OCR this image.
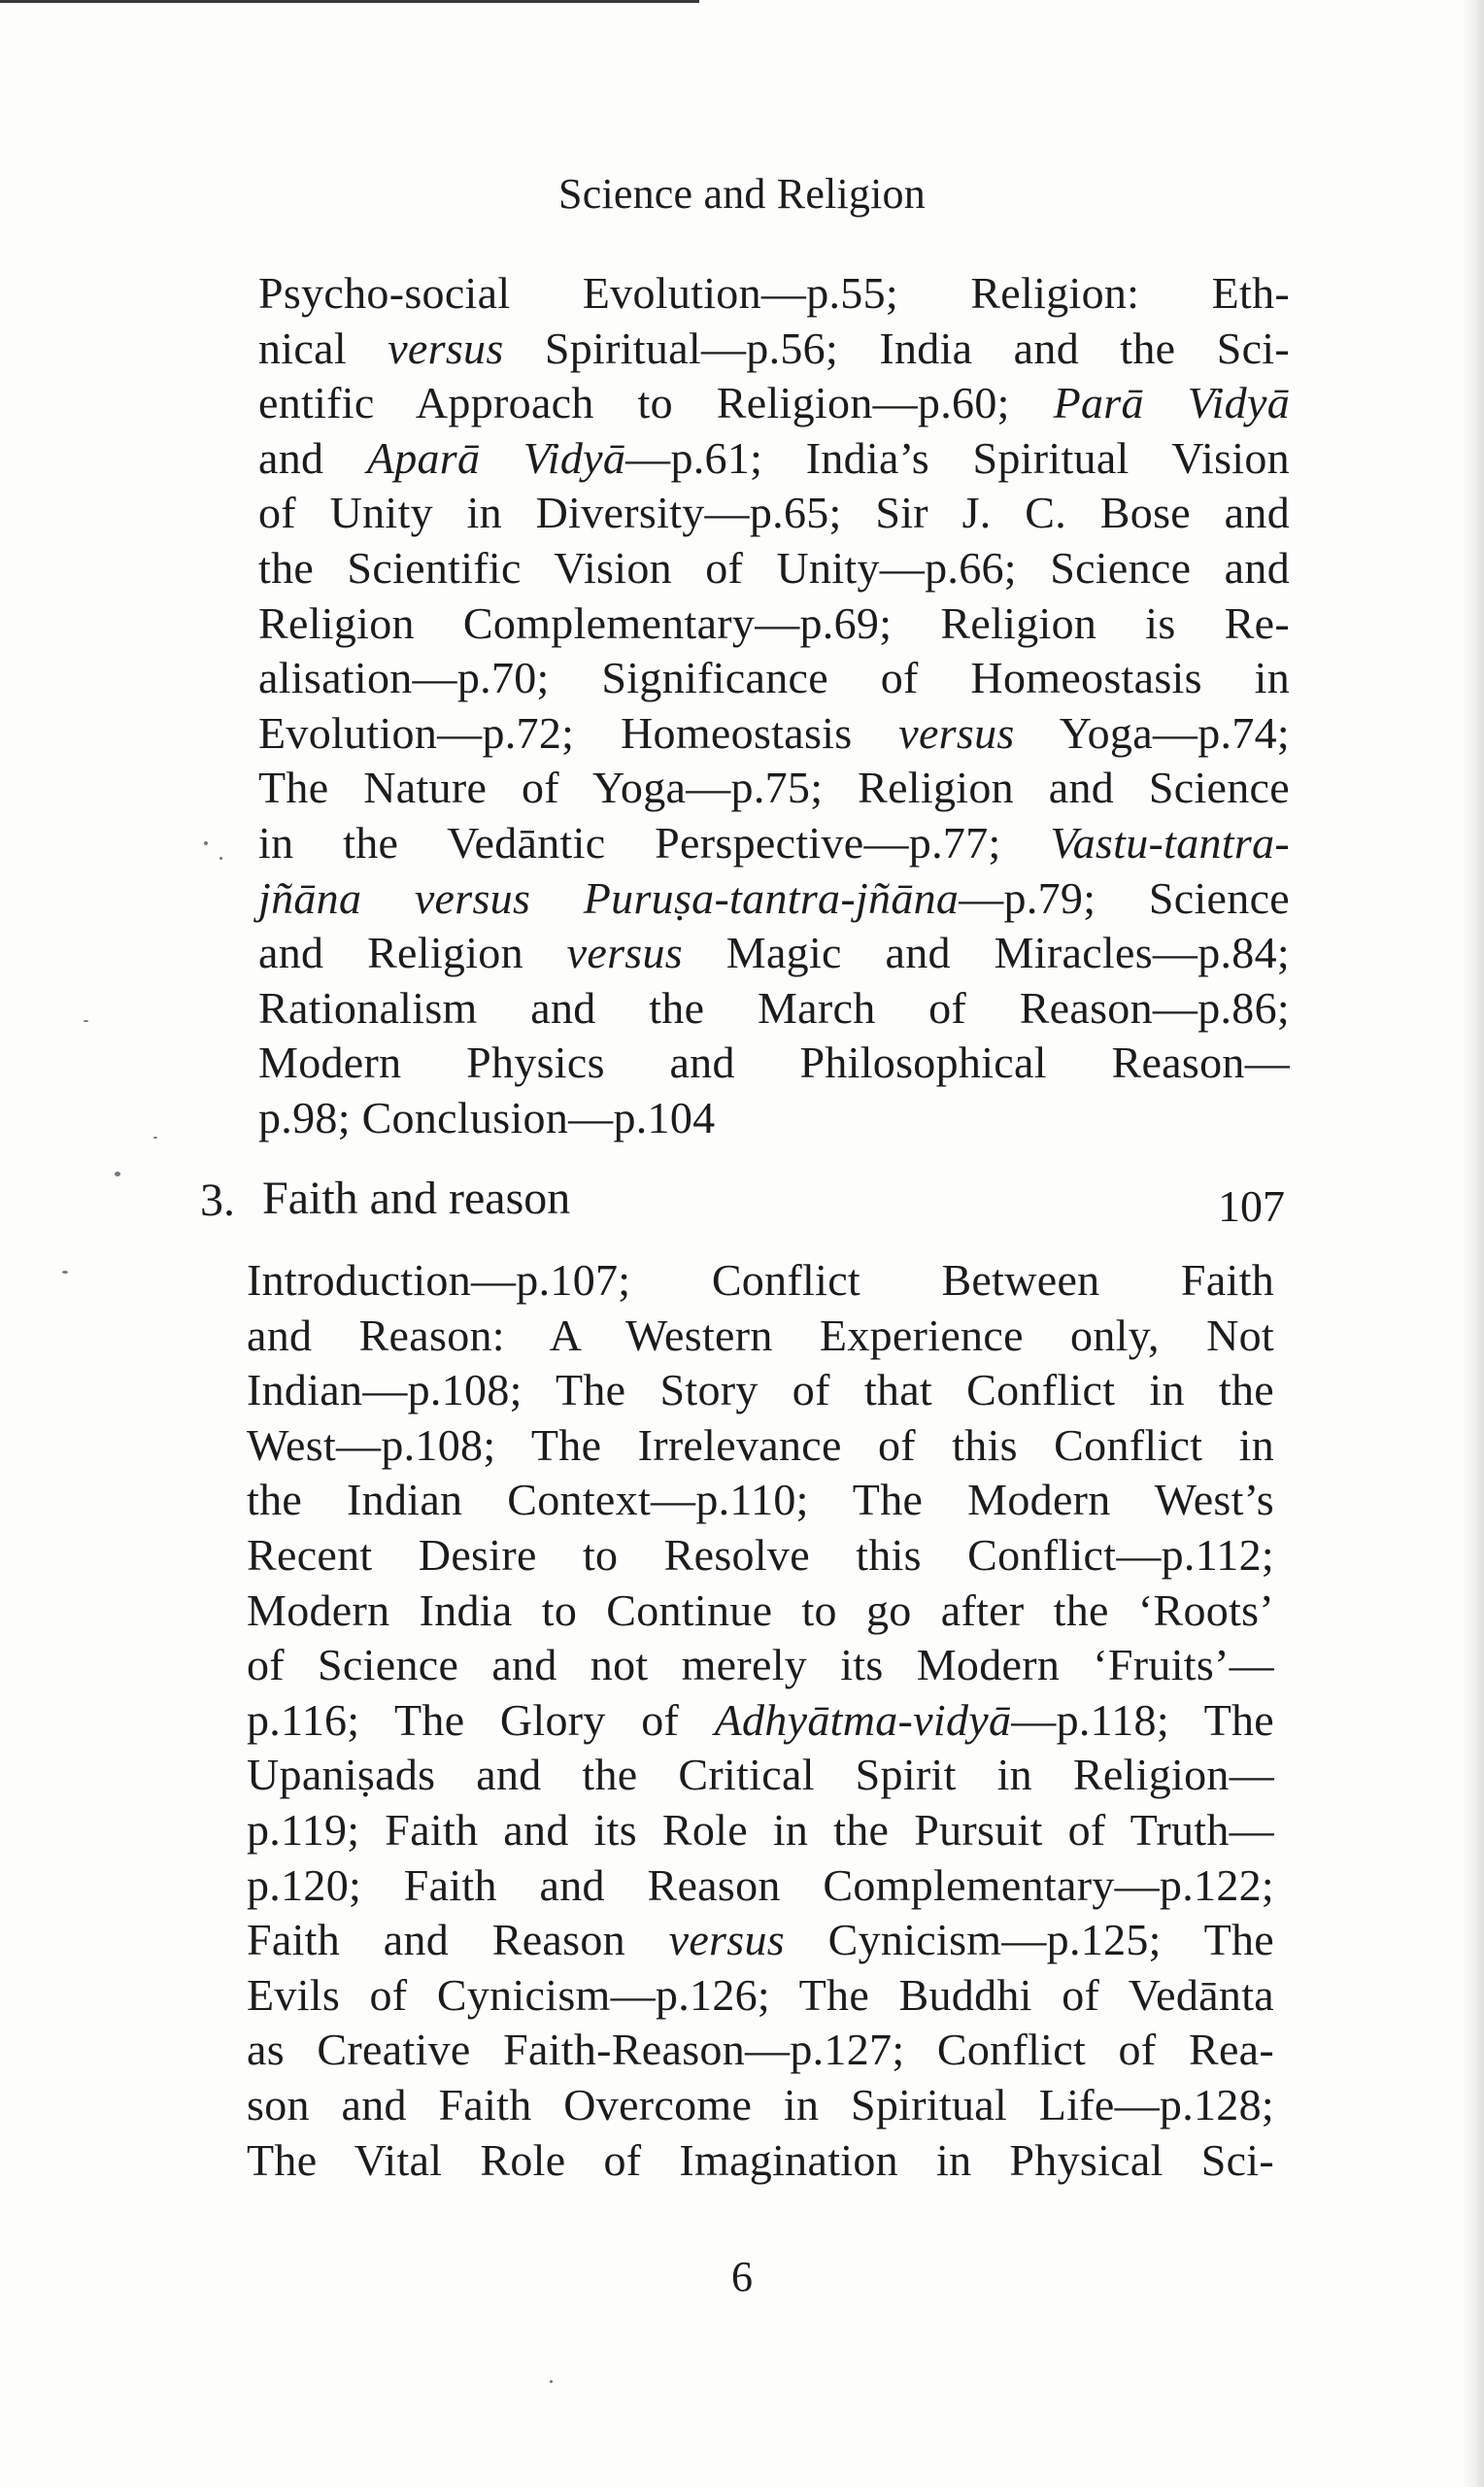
Science and Religion
Psycho-social Evolution—p.55; Religion: Eth-
nical versus Spiritual—p.56; India and the Sci-
entific Approach to Religion—p.60; Parā Vidyā
and Aparā Vidyā—p.61; India’s Spiritual Vision
of Unity in Diversity—p.65; Sir J. C. Bose and
the Scientific Vision of Unity—p.66; Science and
Religion Complementary—p.69; Religion is Re-
alisation—p.70; Significance of Homeostasis in
Evolution—p.72; Homeostasis versus Yoga—p.74;
The Nature of Yoga—p.75; Religion and Science
in the Vedāntic Perspective—p.77; Vastu-tantra-
jñāna versus Puruṣa-tantra-jñāna—p.79; Science
and Religion versus Magic and Miracles—p.84;
Rationalism and the March of Reason—p.86;
Modern Physics and Philosophical Reason—
p.98; Conclusion—p.104
3. Faith and reason	107
Introduction—p.107; Conflict Between Faith
and Reason: A Western Experience only, Not
Indian—p.108; The Story of that Conflict in the
West—p.108; The Irrelevance of this Conflict in
the Indian Context—p.110; The Modern West’s
Recent Desire to Resolve this Conflict—p.112;
Modern India to Continue to go after the ‘Roots’
of Science and not merely its Modern ‘Fruits’—
p.116; The Glory of Adhyātma-vidyā—p.118; The
Upaniṣads and the Critical Spirit in Religion—
p.119; Faith and its Role in the Pursuit of Truth—
p.120; Faith and Reason Complementary—p.122;
Faith and Reason versus Cynicism—p.125; The
Evils of Cynicism—p.126; The Buddhi of Vedānta
as Creative Faith-Reason—p.127; Conflict of Rea-
son and Faith Overcome in Spiritual Life—p.128;
The Vital Role of Imagination in Physical Sci-
6
